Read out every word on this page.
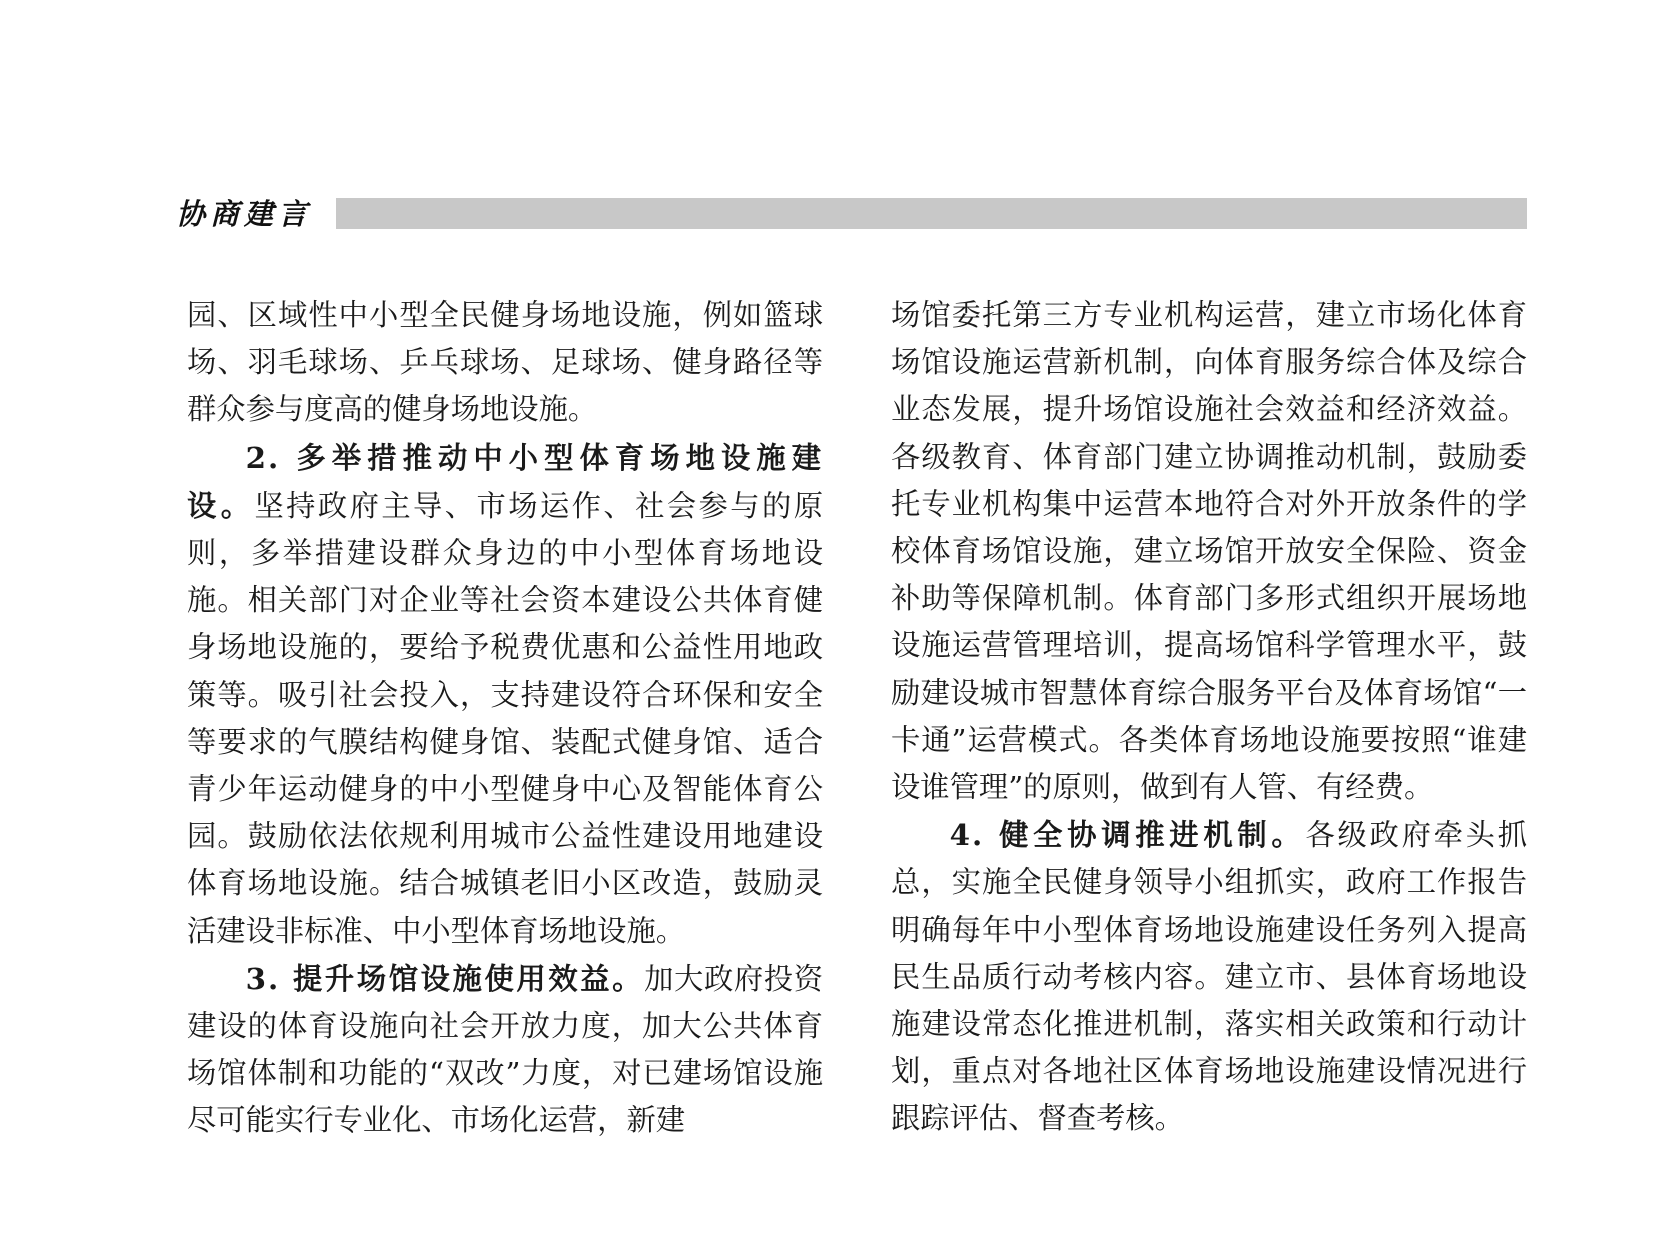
协商建言

园、区域性中小型全民健身场地设施，例如篮球场、羽毛球场、乒乓球场、足球场、健身路径等群众参与度高的健身场地设施。

2. 多举措推动中小型体育场地设施建设。坚持政府主导、市场运作、社会参与的原则，多举措建设群众身边的中小型体育场地设施。相关部门对企业等社会资本建设公共体育健身场地设施的，要给予税费优惠和公益性用地政策等。吸引社会投入，支持建设符合环保和安全等要求的气膜结构健身馆、装配式健身馆、适合青少年运动健身的中小型健身中心及智能体育公园。鼓励依法依规利用城市公益性建设用地建设体育场地设施。结合城镇老旧小区改造，鼓励灵活建设非标准、中小型体育场地设施。

3. 提升场馆设施使用效益。加大政府投资建设的体育设施向社会开放力度，加大公共体育场馆体制和功能的“双改”力度，对已建场馆设施尽可能实行专业化、市场化运营，新建

场馆委托第三方专业机构运营，建立市场化体育场馆设施运营新机制，向体育服务综合体及综合业态发展，提升场馆设施社会效益和经济效益。各级教育、体育部门建立协调推动机制，鼓励委托专业机构集中运营本地符合对外开放条件的学校体育场馆设施，建立场馆开放安全保险、资金补助等保障机制。体育部门多形式组织开展场地设施运营管理培训，提高场馆科学管理水平，鼓励建设城市智慧体育综合服务平台及体育场馆“一卡通”运营模式。各类体育场地设施要按照“谁建设谁管理”的原则，做到有人管、有经费。

4. 健全协调推进机制。各级政府牵头抓总，实施全民健身领导小组抓实，政府工作报告明确每年中小型体育场地设施建设任务列入提高民生品质行动考核内容。建立市、县体育场地设施建设常态化推进机制，落实相关政策和行动计划，重点对各地社区体育场地设施建设情况进行跟踪评估、督查考核。
